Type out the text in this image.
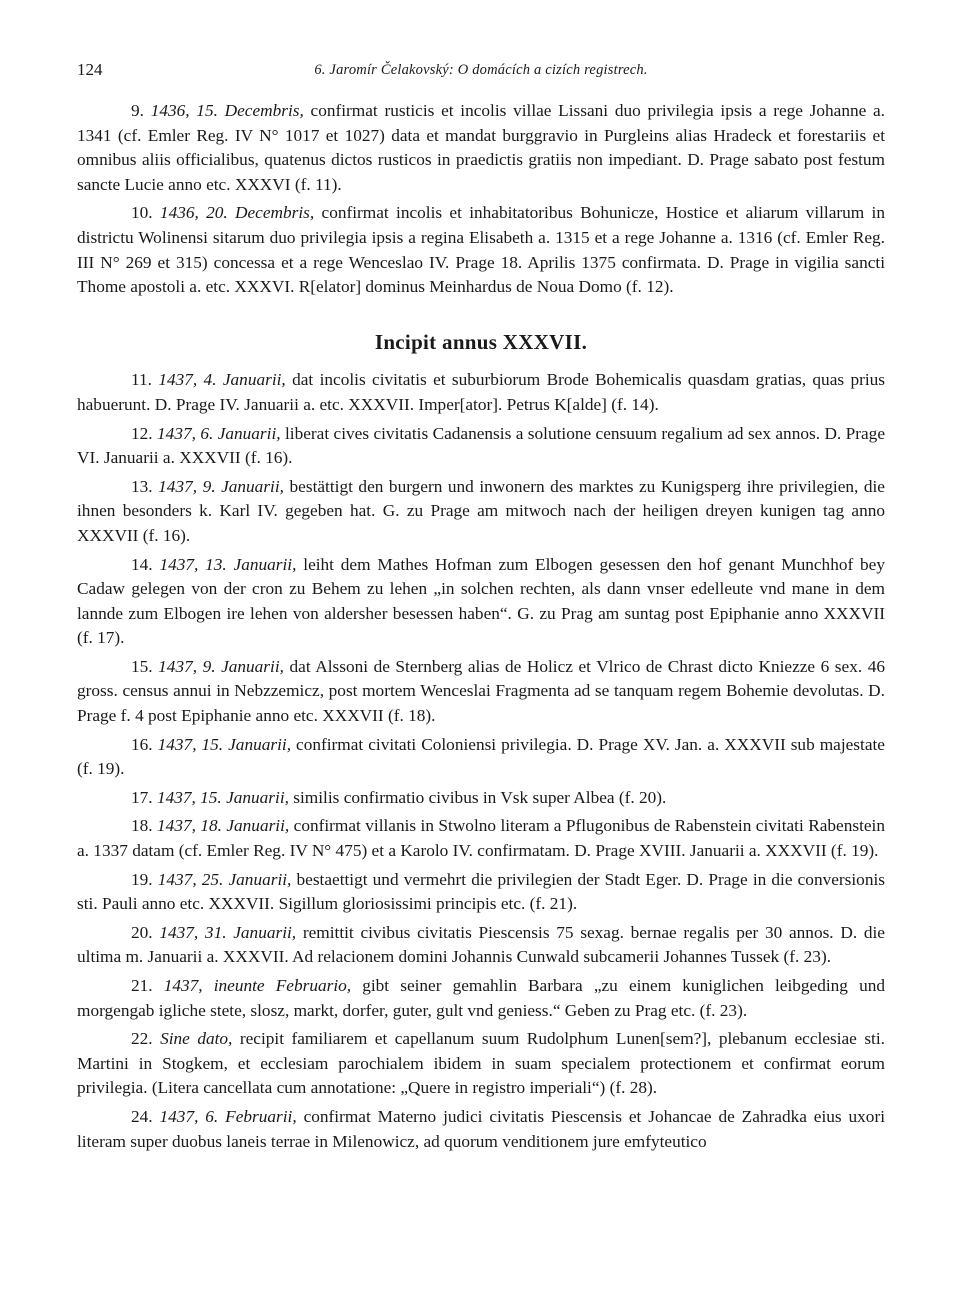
124	6. Jaromír Čelakovský: O domácích a cizích registrech.

9. 1436, 15. Decembris, confirmat rusticis et incolis villae Lissani duo privilegia ipsis a rege Johanne a. 1341 (cf. Emler Reg. IV N° 1017 et 1027) data et mandat burggravio in Purgleins alias Hradeck et forestariis et omnibus aliis officialibus, quatenus dictos rusticos in praedictis gratiis non impediant. D. Prage sabato post festum sancte Lucie anno etc. XXXVI (f. 11).

10. 1436, 20. Decembris, confirmat incolis et inhabitatoribus Bohunicze, Hostice et aliarum villarum in districtu Wolinensi sitarum duo privilegia ipsis a regina Elisabeth a. 1315 et a rege Johanne a. 1316 (cf. Emler Reg. III N° 269 et 315) concessa et a rege Wenceslao IV. Prage 18. Aprilis 1375 confirmata. D. Prage in vigilia sancti Thome apostoli a. etc. XXXVI. R[elator] dominus Meinhardus de Noua Domo (f. 12).

Incipit annus XXXVII.

11. 1437, 4. Januarii, dat incolis civitatis et suburbiorum Brode Bohemicalis quasdam gratias, quas prius habuerunt. D. Prage IV. Januarii a. etc. XXXVII. Imper[ator]. Petrus K[alde] (f. 14).

12. 1437, 6. Januarii, liberat cives civitatis Cadanensis a solutione censuum regalium ad sex annos. D. Prage VI. Januarii a. XXXVII (f. 16).

13. 1437, 9. Januarii, bestättigt den burgern und inwonern des marktes zu Kunigsperg ihre privilegien, die ihnen besonders k. Karl IV. gegeben hat. G. zu Prage am mitwoch nach der heiligen dreyen kunigen tag anno XXXVII (f. 16).

14. 1437, 13. Januarii, leiht dem Mathes Hofman zum Elbogen gesessen den hof genant Munchhof bey Cadaw gelegen von der cron zu Behem zu lehen „in solchen rechten, als dann vnser edelleute vnd mane in dem lannde zum Elbogen ire lehen von aldersher besessen haben“. G. zu Prag am suntag post Epiphanie anno XXXVII (f. 17).

15. 1437, 9. Januarii, dat Alssoni de Sternberg alias de Holicz et Vlrico de Chrast dicto Kniezze 6 sex. 46 gross. census annui in Nebzzemicz, post mortem Wenceslai Fragmenta ad se tanquam regem Bohemie devolutas. D. Prage f. 4 post Epiphanie anno etc. XXXVII (f. 18).

16. 1437, 15. Januarii, confirmat civitati Coloniensi privilegia. D. Prage XV. Jan. a. XXXVII sub majestate (f. 19).

17. 1437, 15. Januarii, similis confirmatio civibus in Vsk super Albea (f. 20).

18. 1437, 18. Januarii, confirmat villanis in Stwolno literam a Pflugonibus de Rabenstein civitati Rabenstein a. 1337 datam (cf. Emler Reg. IV N° 475) et a Karolo IV. confirmatam. D. Prage XVIII. Januarii a. XXXVII (f. 19).

19. 1437, 25. Januarii, bestaettigt und vermehrt die privilegien der Stadt Eger. D. Prage in die conversionis sti. Pauli anno etc. XXXVII. Sigillum gloriosissimi principis etc. (f. 21).

20. 1437, 31. Januarii, remittit civibus civitatis Piescensis 75 sexag. bernae regalis per 30 annos. D. die ultima m. Januarii a. XXXVII. Ad relacionem domini Johannis Cunwald subcamerii Johannes Tussek (f. 23).

21. 1437, ineunte Februario, gibt seiner gemahlin Barbara „zu einem kuniglichen leibgeding und morgengab igliche stete, slosz, markt, dorfer, guter, gult vnd geniess.“ Geben zu Prag etc. (f. 23).

22. Sine dato, recipit familiarem et capellanum suum Rudolphum Lunen[sem?], plebanum ecclesiae sti. Martini in Stogkem, et ecclesiam parochialem ibidem in suam specialem protectionem et confirmat eorum privilegia. (Litera cancellata cum annotatione: „Quere in registro imperiali“) (f. 28).

24. 1437, 6. Februarii, confirmat Materno judici civitatis Piescensis et Johancae de Zahradka eius uxori literam super duobus laneis terrae in Milenowicz, ad quorum venditionem jure emfyteutico
